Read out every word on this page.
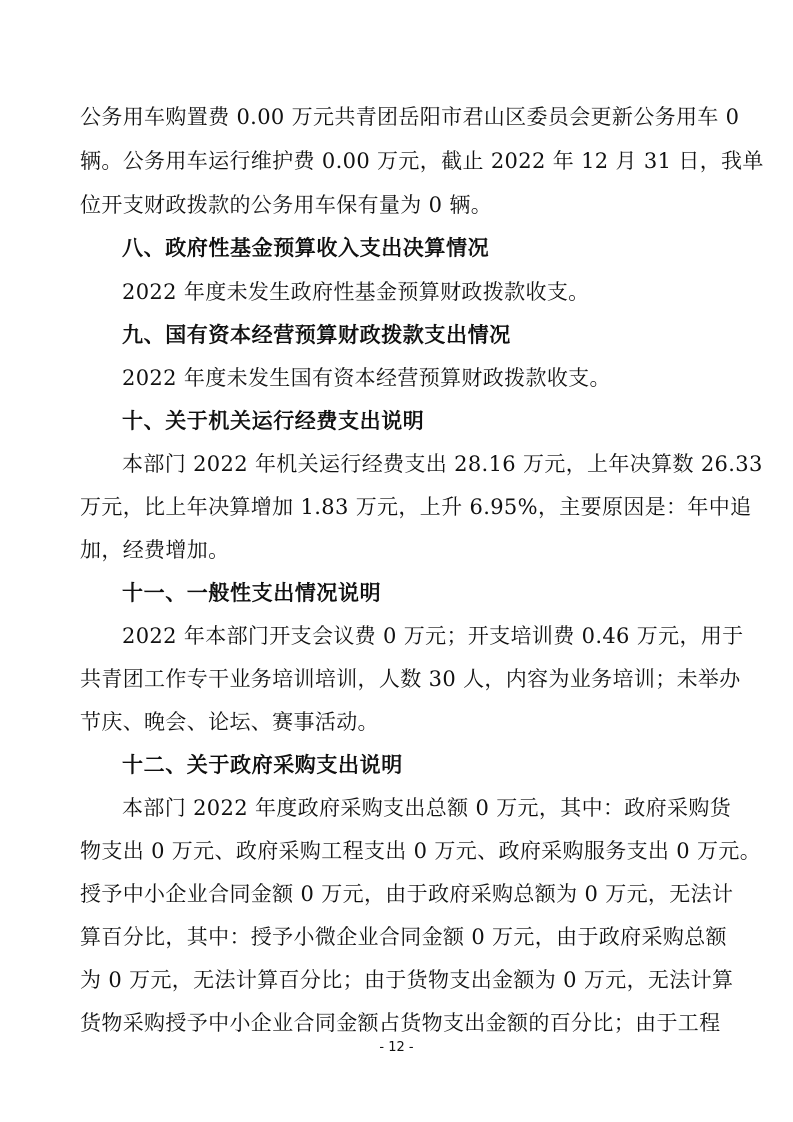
公务用车购置费 0.00 万元共青团岳阳市君山区委员会更新公务用车 0
辆。公务用车运行维护费 0.00 万元，截止 2022 年 12 月 31 日，我单
位开支财政拨款的公务用车保有量为 0 辆。
八、政府性基金预算收入支出决算情况
2022 年度未发生政府性基金预算财政拨款收支。
九、国有资本经营预算财政拨款支出情况
2022 年度未发生国有资本经营预算财政拨款收支。
十、关于机关运行经费支出说明
本部门 2022 年机关运行经费支出 28.16 万元，上年决算数 26.33
万元，比上年决算增加 1.83 万元，上升 6.95%，主要原因是：年中追
加，经费增加。
十一、一般性支出情况说明
2022 年本部门开支会议费 0 万元；开支培训费 0.46 万元，用于
共青团工作专干业务培训培训，人数 30 人，内容为业务培训；未举办
节庆、晚会、论坛、赛事活动。
十二、关于政府采购支出说明
本部门 2022 年度政府采购支出总额 0 万元，其中：政府采购货
物支出 0 万元、政府采购工程支出 0 万元、政府采购服务支出 0 万元。
授予中小企业合同金额 0 万元，由于政府采购总额为 0 万元，无法计
算百分比，其中：授予小微企业合同金额 0 万元，由于政府采购总额
为 0 万元，无法计算百分比；由于货物支出金额为 0 万元，无法计算
货物采购授予中小企业合同金额占货物支出金额的百分比；由于工程
- 12 -
